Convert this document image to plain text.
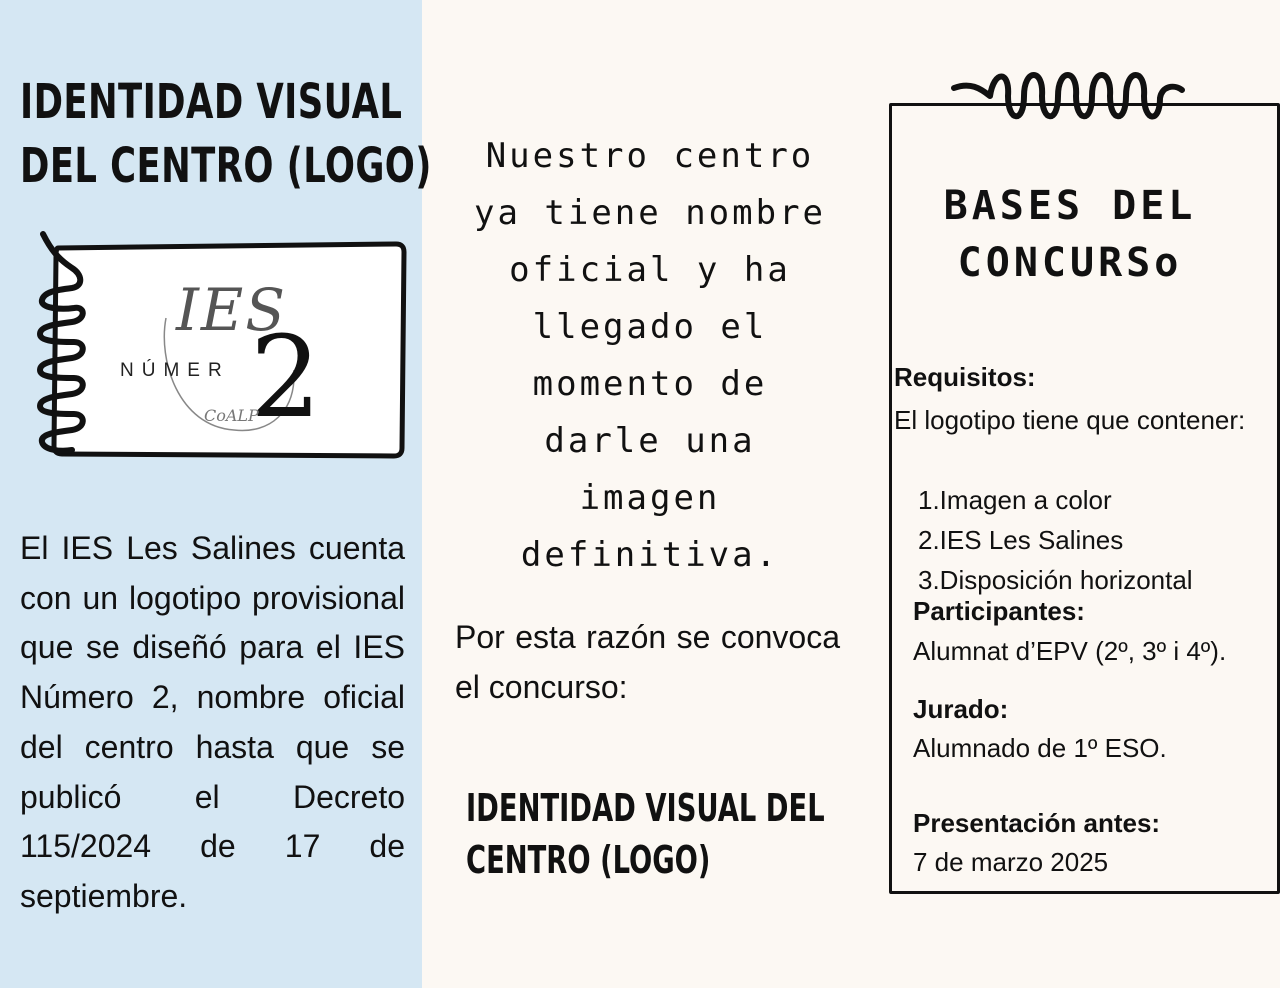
IDENTIDAD VISUAL
DEL CENTRO (LOGO)
IES
NÚMER 2
CoALP

El IES Les Salines cuenta con un logotipo provisional que se diseñó para el IES Número 2, nombre oficial del centro hasta que se publicó el Decreto 115/2024 de 17 de septiembre.

Nuestro centro
ya tiene nombre
oficial y ha
llegado el
momento de
darle una
imagen
definitiva.

Por esta razón se convoca el concurso:

IDENTIDAD VISUAL DEL
CENTRO (LOGO)
BASES DEL
CONCURSo

Requisitos:

El logotipo tiene que contener:

1.Imagen a color
2.IES Les Salines
3.Disposición horizontal

Participantes:

Alumnat d’EPV (2º, 3º i 4º).

Jurado:

Alumnado de 1º ESO.

Presentación antes:

7 de marzo 2025
